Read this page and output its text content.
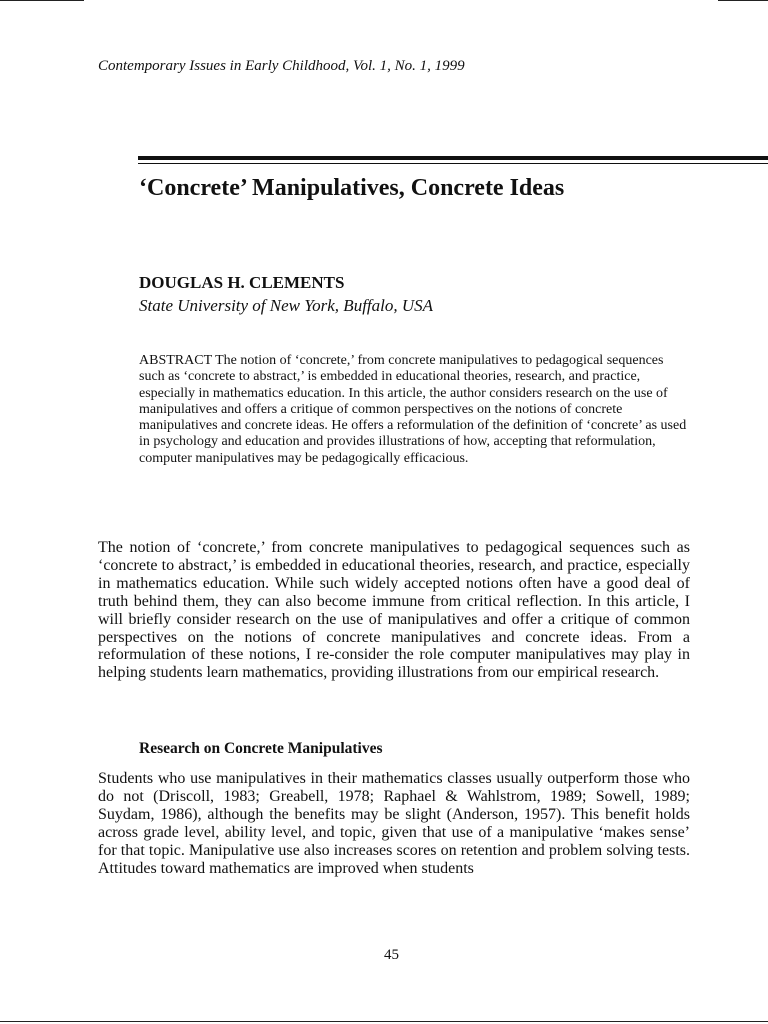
Contemporary Issues in Early Childhood, Vol. 1, No. 1, 1999
‘Concrete’ Manipulatives, Concrete Ideas

DOUGLAS H. CLEMENTS

State University of New York, Buffalo, USA

ABSTRACT The notion of ‘concrete,’ from concrete manipulatives to pedagogical sequences such as ‘concrete to abstract,’ is embedded in educational theories, research, and practice, especially in mathematics education. In this article, the author considers research on the use of manipulatives and offers a critique of common perspectives on the notions of concrete manipulatives and concrete ideas. He offers a reformulation of the definition of ‘concrete’ as used in psychology and education and provides illustrations of how, accepting that reformulation, computer manipulatives may be pedagogically efficacious.

The notion of ‘concrete,’ from concrete manipulatives to pedagogical sequences such as ‘concrete to abstract,’ is embedded in educational theories, research, and practice, especially in mathematics education. While such widely accepted notions often have a good deal of truth behind them, they can also become immune from critical reflection. In this article, I will briefly consider research on the use of manipulatives and offer a critique of common perspectives on the notions of concrete manipulatives and concrete ideas. From a reformulation of these notions, I re-consider the role computer manipulatives may play in helping students learn mathematics, providing illustrations from our empirical research.

Research on Concrete Manipulatives

Students who use manipulatives in their mathematics classes usually outperform those who do not (Driscoll, 1983; Greabell, 1978; Raphael & Wahlstrom, 1989; Sowell, 1989; Suydam, 1986), although the benefits may be slight (Anderson, 1957). This benefit holds across grade level, ability level, and topic, given that use of a manipulative ‘makes sense’ for that topic. Manipulative use also increases scores on retention and problem solving tests. Attitudes toward mathematics are improved when students

45
